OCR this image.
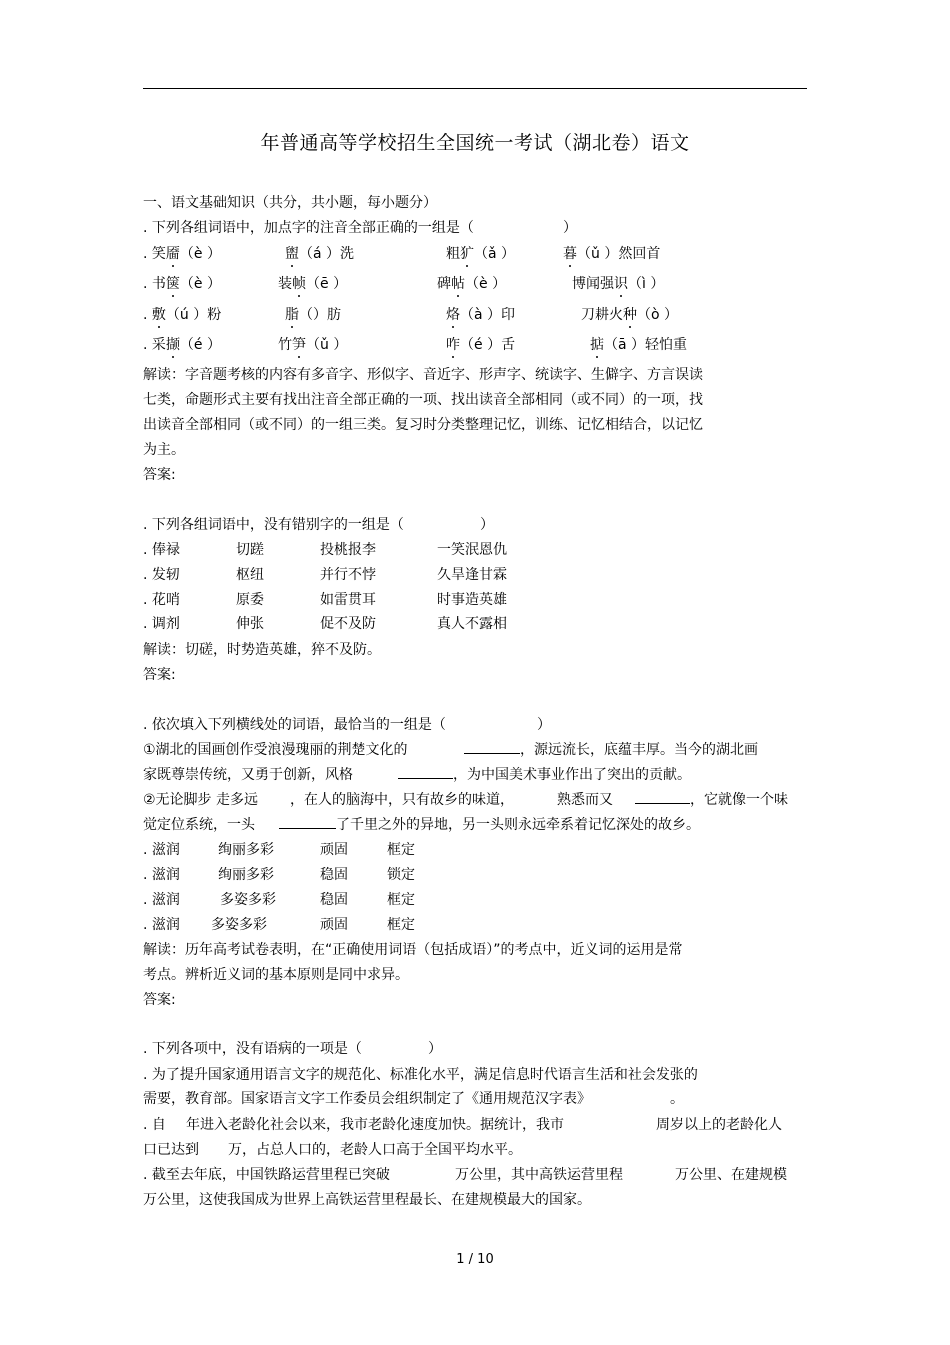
年普通高等学校招生全国统一考试（湖北卷）语文
一、语文基础知识（共分，共小题，每小题分）
. 下列各组词语中，加点字的注音全部正确的一组是（	）
. 笑靥（è ）	盥（á ）洗	粗犷（ǎ ）	暮（ǔ ）然回首
. 书箧（è ）	装帧（ē ）	碑帖（è ）	博闻强识（ì ）
. 敷（ú ）粉	脂（）肪	烙（à ）印	刀耕火种（ò ）
. 采撷（é ）	竹笋（ǔ ）	咋（é ）舌	掂（ā ）轻怕重
解读：字音题考核的内容有多音字、形似字、音近字、形声字、统读字、生僻字、方言误读
七类，命题形式主要有找出注音全部正确的一项、找出读音全部相同（或不同）的一项，找
出读音全部相同（或不同）的一组三类。复习时分类整理记忆，训练、记忆相结合，以记忆
为主。
答案:
. 下列各组词语中，没有错别字的一组是（	）
. 俸禄	切蹉	投桃报李	一笑泯恩仇
. 发轫	枢纽	并行不悖	久旱逢甘霖
. 花哨	原委	如雷贯耳	时事造英雄
. 调剂	伸张	促不及防	真人不露相
解读：切磋，时势造英雄，猝不及防。
答案:
. 依次填入下列横线处的词语，最恰当的一组是（	）
①湖北的国画创作受浪漫瑰丽的荆楚文化的	，源远流长，底蕴丰厚。当今的湖北画
家既尊崇传统，又勇于创新，风格	，为中国美术事业作出了突出的贡献。
②无论脚步 走多远 ，在人的脑海中，只有故乡的味道，	熟悉而又	，它就像一个味
觉定位系统，一头	了千里之外的异地，另一头则永远牵系着记忆深处的故乡。
. 滋润	绚丽多彩	顽固	框定
. 滋润	绚丽多彩	稳固	锁定
. 滋润	多姿多彩	稳固	框定
. 滋润 多姿多彩	顽固	框定
解读：历年高考试卷表明，在“正确使用词语（包括成语）”的考点中，近义词的运用是常
考点。辨析近义词的基本原则是同中求异。
答案:
. 下列各项中，没有语病的一项是（	）
. 为了提升国家通用语言文字的规范化、标准化水平，满足信息时代语言生活和社会发张的
需要，教育部。国家语言文字工作委员会组织制定了《通用规范汉字表》	。
. 自 年进入老龄化社会以来，我市老龄化速度加快。据统计，我市	周岁以上的老龄化人
口已达到 万，占总人口的，老龄人口高于全国平均水平。
. 截至去年底，中国铁路运营里程已突破	万公里，其中高铁运营里程	万公里、在建规模
万公里，这使我国成为世界上高铁运营里程最长、在建规模最大的国家。
1 / 10
